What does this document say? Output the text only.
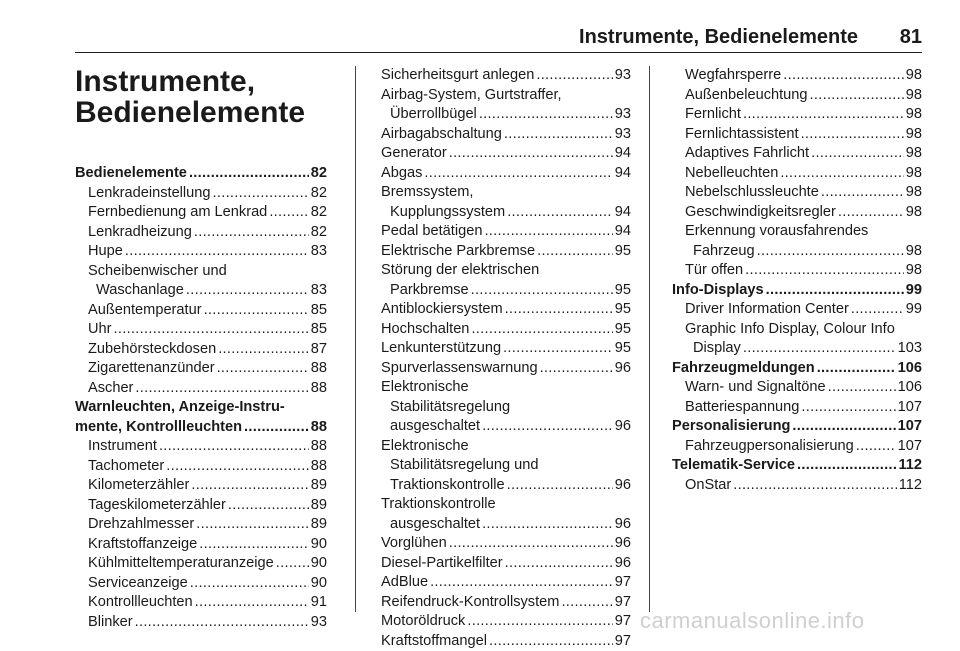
Instrumente, Bedienelemente 81
Instrumente,
Bedienelemente
Bedienelemente .....	82
Lenkradeinstellung .....	82
Fernbedienung am Lenkrad .....	82
Lenkradheizung .....	82
Hupe .....	83
Scheibenwischer und
Waschanlage .....	83
Außentemperatur .....	85
Uhr .....	85
Zubehörsteckdosen .....	87
Zigarettenanzünder .....	88
Ascher .....	88
Warnleuchten, Anzeige-Instru-
mente, Kontrollleuchten .....	88
Instrument .....	88
Tachometer .....	88
Kilometerzähler .....	89
Tageskilometerzähler .....	89
Drehzahlmesser .....	89
Kraftstoffanzeige .....	90
Kühlmitteltemperaturanzeige .....	90
Serviceanzeige .....	90
Kontrollleuchten .....	91
Blinker .....	93
Sicherheitsgurt anlegen .....	93
Airbag-System, Gurtstraffer,
Überrollbügel .....	93
Airbagabschaltung .....	93
Generator .....	94
Abgas .....	94
Bremssystem,
Kupplungssystem .....	94
Pedal betätigen .....	94
Elektrische Parkbremse .....	95
Störung der elektrischen
Parkbremse .....	95
Antiblockiersystem .....	95
Hochschalten .....	95
Lenkunterstützung .....	95
Spurverlassenswarnung .....	96
Elektronische
Stabilitätsregelung
ausgeschaltet .....	96
Elektronische
Stabilitätsregelung und
Traktionskontrolle .....	96
Traktionskontrolle
ausgeschaltet .....	96
Vorglühen .....	96
Diesel-Partikelfilter .....	96
AdBlue .....	97
Reifendruck-Kontrollsystem .....	97
Motoröldruck .....	97
Kraftstoffmangel .....	97
Wegfahrsperre .....	98
Außenbeleuchtung .....	98
Fernlicht .....	98
Fernlichtassistent .....	98
Adaptives Fahrlicht .....	98
Nebelleuchten .....	98
Nebelschlussleuchte .....	98
Geschwindigkeitsregler .....	98
Erkennung vorausfahrendes
Fahrzeug .....	98
Tür offen .....	98
Info-Displays .....	99
Driver Information Center .....	99
Graphic Info Display, Colour Info
Display .....	103
Fahrzeugmeldungen .....	106
Warn- und Signaltöne .....	106
Batteriespannung .....	107
Personalisierung .....	107
Fahrzeugpersonalisierung .....	107
Telematik-Service .....	112
OnStar .....	112
carmanualsonline.info
